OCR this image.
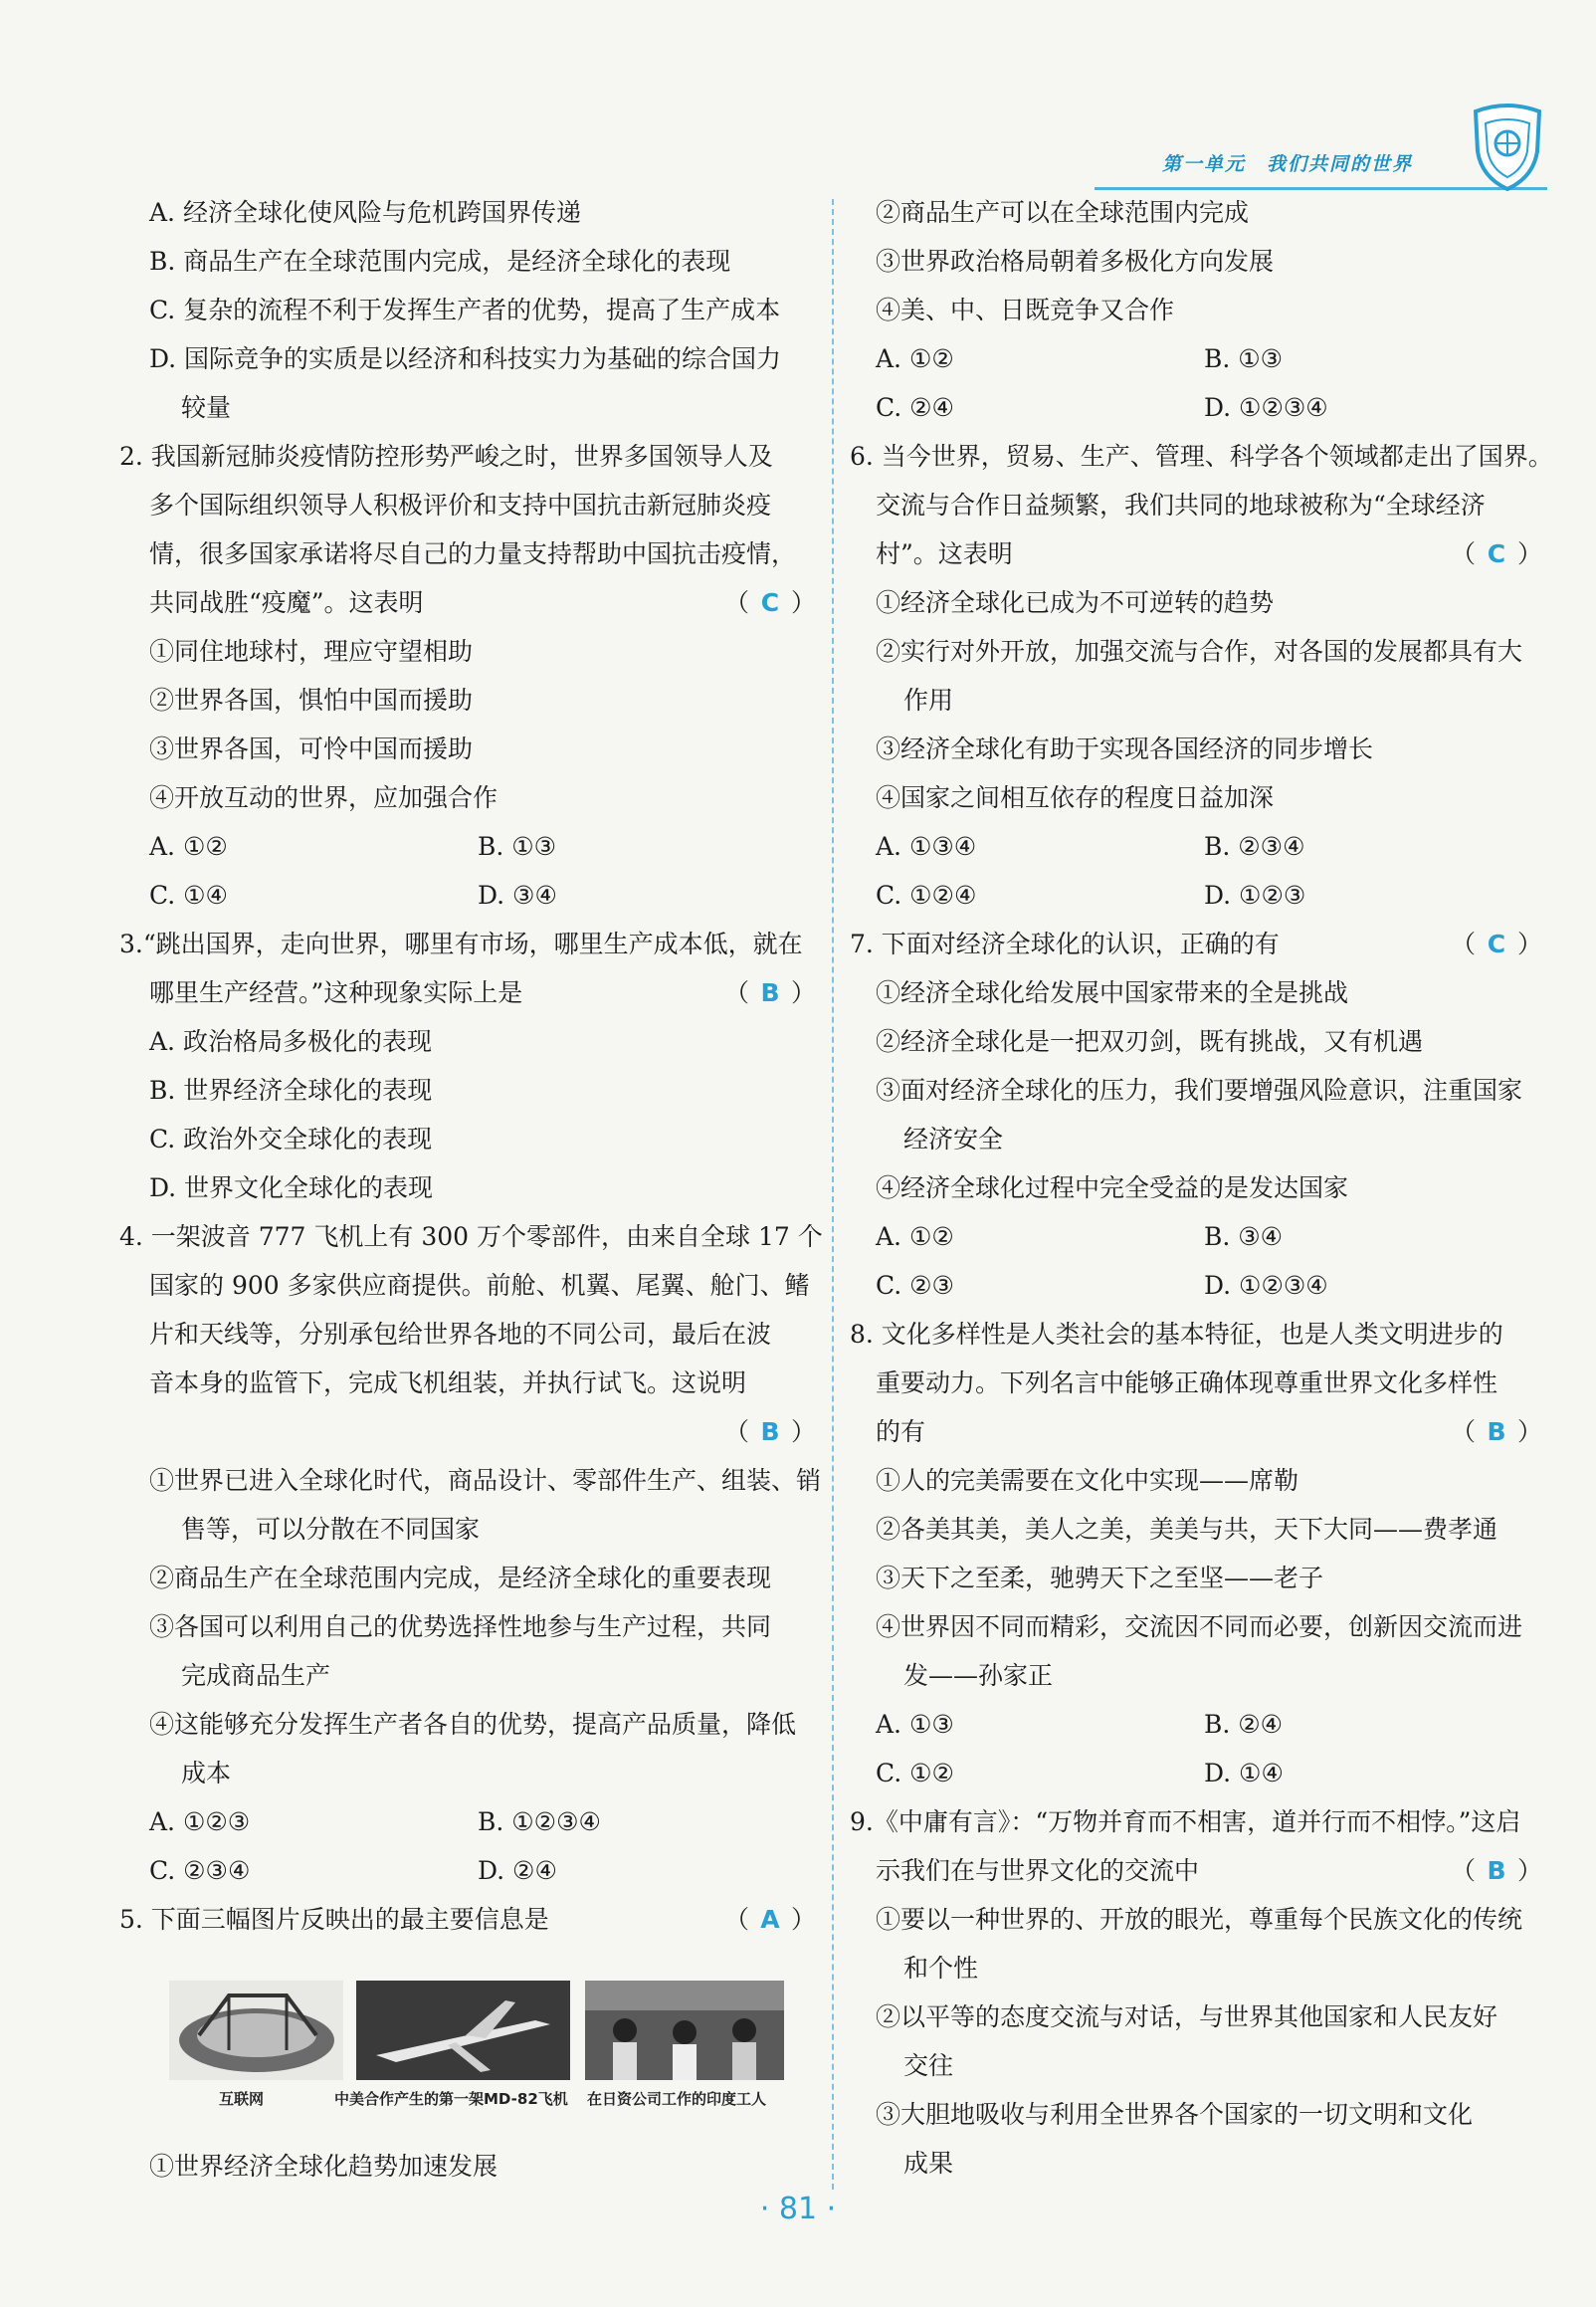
第一单元　我们共同的世界
A. 经济全球化使风险与危机跨国界传递
B. 商品生产在全球范围内完成，是经济全球化的表现
C. 复杂的流程不利于发挥生产者的优势，提高了生产成本
D. 国际竞争的实质是以经济和科技实力为基础的综合国力
较量
2. 我国新冠肺炎疫情防控形势严峻之时，世界多国领导人及
多个国际组织领导人积极评价和支持中国抗击新冠肺炎疫
情，很多国家承诺将尽自己的力量支持帮助中国抗击疫情，
共同战胜“疫魔”。这表明	（ C ）
①同住地球村，理应守望相助
②世界各国，惧怕中国而援助
③世界各国，可怜中国而援助
④开放互动的世界，应加强合作
A. ①②	B. ①③
C. ①④	D. ③④
3.“跳出国界，走向世界，哪里有市场，哪里生产成本低，就在
哪里生产经营。”这种现象实际上是	（ B ）
A. 政治格局多极化的表现
B. 世界经济全球化的表现
C. 政治外交全球化的表现
D. 世界文化全球化的表现
4. 一架波音 777 飞机上有 300 万个零部件，由来自全球 17 个
国家的 900 多家供应商提供。前舱、机翼、尾翼、舱门、鳍
片和天线等，分别承包给世界各地的不同公司，最后在波
音本身的监管下，完成飞机组装，并执行试飞。这说明
（ B ）
①世界已进入全球化时代，商品设计、零部件生产、组装、销
售等，可以分散在不同国家
②商品生产在全球范围内完成，是经济全球化的重要表现
③各国可以利用自己的优势选择性地参与生产过程，共同
完成商品生产
④这能够充分发挥生产者各自的优势，提高产品质量，降低
成本
A. ①②③	B. ①②③④
C. ②③④	D. ②④
5. 下面三幅图片反映出的最主要信息是	（ A ）
互联网	中美合作产生的第一架MD-82飞机 在日资公司工作的印度工人
①世界经济全球化趋势加速发展
②商品生产可以在全球范围内完成
③世界政治格局朝着多极化方向发展
④美、中、日既竞争又合作
A. ①②	B. ①③
C. ②④	D. ①②③④
6. 当今世界，贸易、生产、管理、科学各个领域都走出了国界。
交流与合作日益频繁，我们共同的地球被称为“全球经济
村”。这表明	（ C ）
①经济全球化已成为不可逆转的趋势
②实行对外开放，加强交流与合作，对各国的发展都具有大
作用
③经济全球化有助于实现各国经济的同步增长
④国家之间相互依存的程度日益加深
A. ①③④	B. ②③④
C. ①②④	D. ①②③
7. 下面对经济全球化的认识，正确的有	（ C ）
①经济全球化给发展中国家带来的全是挑战
②经济全球化是一把双刃剑，既有挑战，又有机遇
③面对经济全球化的压力，我们要增强风险意识，注重国家
经济安全
④经济全球化过程中完全受益的是发达国家
A. ①②	B. ③④
C. ②③	D. ①②③④
8. 文化多样性是人类社会的基本特征，也是人类文明进步的
重要动力。下列名言中能够正确体现尊重世界文化多样性
的有	（ B ）
①人的完美需要在文化中实现——席勒
②各美其美，美人之美，美美与共，天下大同——费孝通
③天下之至柔，驰骋天下之至坚——老子
④世界因不同而精彩，交流因不同而必要，创新因交流而进
发——孙家正
A. ①③	B. ②④
C. ①②	D. ①④
9.《中庸有言》：“万物并育而不相害，道并行而不相悖。”这启
示我们在与世界文化的交流中	（ B ）
①要以一种世界的、开放的眼光，尊重每个民族文化的传统
和个性
②以平等的态度交流与对话，与世界其他国家和人民友好
交往
③大胆地吸收与利用全世界各个国家的一切文明和文化
成果
· 81 ·
